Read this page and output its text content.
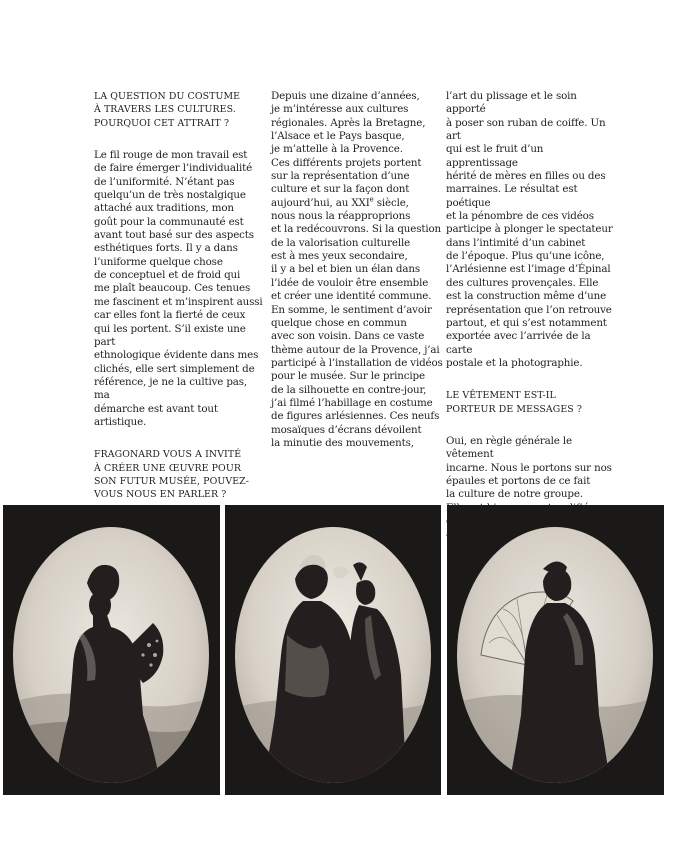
LA QUESTION DU COSTUME
À TRAVERS LES CULTURES.
POURQUOI CET ATTRAIT ?

Le fil rouge de mon travail est
de faire émerger l’individualité
de l’uniformité. N’étant pas
quelqu’un de très nostalgique
attaché aux traditions, mon
goût pour la communauté est
avant tout basé sur des aspects
esthétiques forts. Il y a dans
l’uniforme quelque chose
de conceptuel et de froid qui
me plaît beaucoup. Ces tenues
me fascinent et m’inspirent aussi
car elles font la fierté de ceux
qui les portent. S’il existe une part
ethnologique évidente dans mes
clichés, elle sert simplement de
référence, je ne la cultive pas, ma
démarche est avant tout artistique.

FRAGONARD VOUS A INVITÉ
À CRÉER UNE ŒUVRE POUR
SON FUTUR MUSÉE, POUVEZ-
VOUS NOUS EN PARLER ?

Depuis une dizaine d’années,
je m’intéresse aux cultures
régionales. Après la Bretagne,
l’Alsace et le Pays basque,
je m’attelle à la Provence.
Ces différents projets portent
sur la représentation d’une
culture et sur la façon dont
aujourd’hui, au XXIe siècle,
nous nous la réapproprions
et la redécouvrons. Si la question
de la valorisation culturelle
est à mes yeux secondaire,
il y a bel et bien un élan dans
l’idée de vouloir être ensemble
et créer une identité commune.
En somme, le sentiment d’avoir
quelque chose en commun
avec son voisin. Dans ce vaste
thème autour de la Provence, j’ai
participé à l’installation de vidéos
pour le musée. Sur le principe
de la silhouette en contre-jour,
j’ai filmé l’habillage en costume
de figures arlésiennes. Ces neufs
mosaïques d’écrans dévoilent
la minutie des mouvements,

l’art du plissage et le soin apporté
à poser son ruban de coiffe. Un art
qui est le fruit d’un apprentissage
hérité de mères en filles ou des
marraines. Le résultat est poétique
et la pénombre de ces vidéos
participe à plonger le spectateur
dans l’intimité d’un cabinet
de l’époque. Plus qu’une icône,
l’Arlésienne est l’image d’Épinal
des cultures provençales. Elle
est la construction même d’une
représentation que l’on retrouve
partout, et qui s’est notamment
exportée avec l’arrivée de la carte
postale et la photographie.

LE VÊTEMENT EST-IL
PORTEUR DE MESSAGES ?

Oui, en règle générale le vêtement
incarne. Nous le portons sur nos
épaules et portons de ce fait
la culture de notre groupe.
